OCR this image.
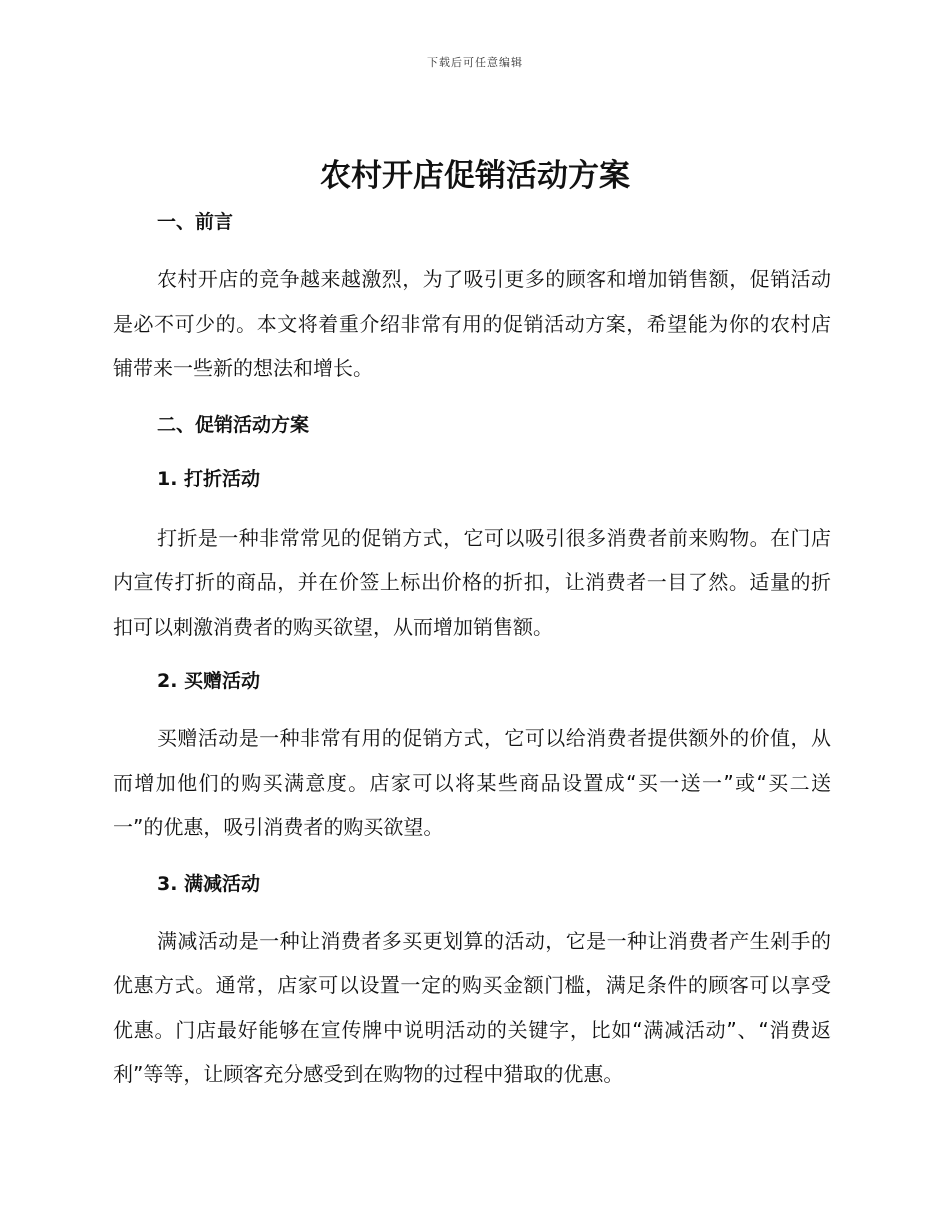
下载后可任意编辑
农村开店促销活动方案

一、前言

农村开店的竞争越来越激烈，为了吸引更多的顾客和增加销售额，促销活动是必不可少的。本文将着重介绍非常有用的促销活动方案，希望能为你的农村店铺带来一些新的想法和增长。

二、促销活动方案

1. 打折活动

打折是一种非常常见的促销方式，它可以吸引很多消费者前来购物。在门店内宣传打折的商品，并在价签上标出价格的折扣，让消费者一目了然。适量的折扣可以刺激消费者的购买欲望，从而增加销售额。

2. 买赠活动

买赠活动是一种非常有用的促销方式，它可以给消费者提供额外的价值，从而增加他们的购买满意度。店家可以将某些商品设置成“买一送一”或“买二送一”的优惠，吸引消费者的购买欲望。

3. 满减活动

满减活动是一种让消费者多买更划算的活动，它是一种让消费者产生剁手的优惠方式。通常，店家可以设置一定的购买金额门槛，满足条件的顾客可以享受优惠。门店最好能够在宣传牌中说明活动的关键字，比如“满减活动”、“消费返利”等等，让顾客充分感受到在购物的过程中猎取的优惠。
